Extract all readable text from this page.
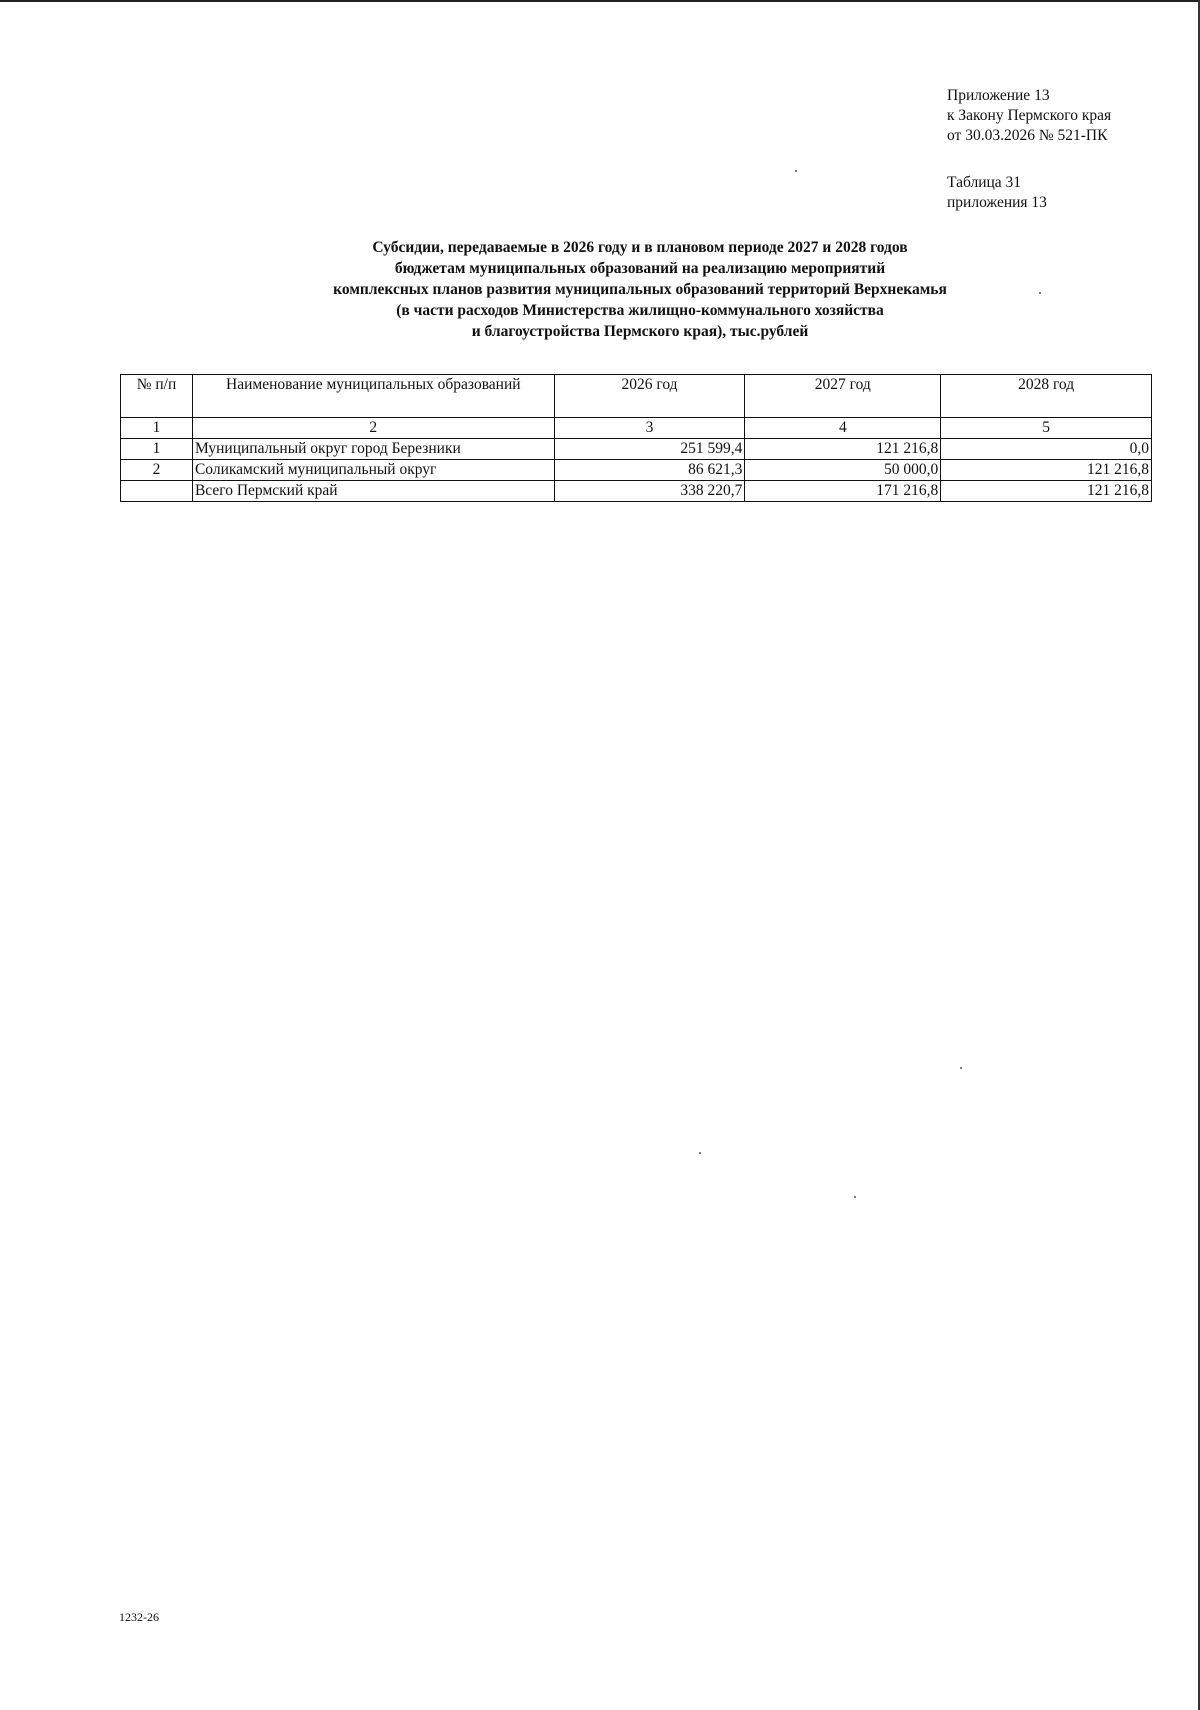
Приложение 13
к Закону Пермского края
от 30.03.2026 № 521-ПК
Таблица 31
приложения 13
Субсидии, передаваемые в 2026 году и в плановом периоде 2027 и 2028 годов
бюджетам муниципальных образований на реализацию мероприятий
комплексных планов развития муниципальных образований территорий Верхнекамья
(в части расходов Министерства жилищно-коммунального хозяйства
и благоустройства Пермского края), тыс.рублей
№ п/п	Наименование муниципальных образований	2026 год	2027 год	2028 год
1	2	3	4	5
1	Муниципальный округ город Березники	251 599,4	121 216,8	0,0
2	Соликамский муниципальный округ	86 621,3	50 000,0	121 216,8
	Всего Пермский край	338 220,7	171 216,8	121 216,8
1232-26
